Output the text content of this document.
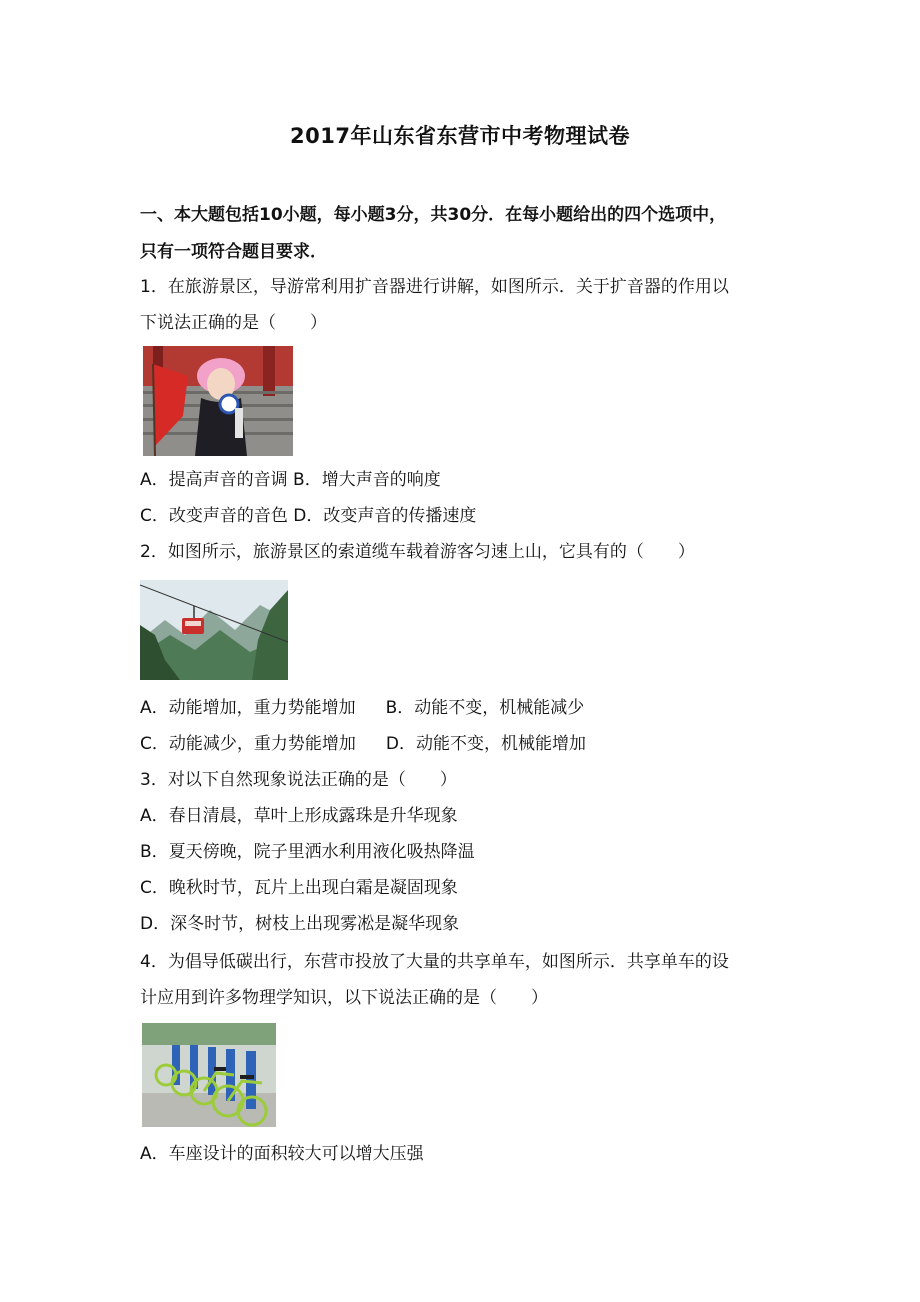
2017年山东省东营市中考物理试卷
一、本大题包括10小题，每小题3分，共30分．在每小题给出的四个选项中，
只有一项符合题目要求．
1．在旅游景区，导游常利用扩音器进行讲解，如图所示．关于扩音器的作用以
下说法正确的是（　　）
A．提高声音的音调 B．增大声音的响度
C．改变声音的音色 D．改变声音的传播速度
2．如图所示，旅游景区的索道缆车载着游客匀速上山，它具有的（　　）
A．动能增加，重力势能增加 B．动能不变，机械能减少
C．动能减少，重力势能增加 D．动能不变，机械能增加
3．对以下自然现象说法正确的是（　　）
A．春日清晨，草叶上形成露珠是升华现象
B．夏天傍晚，院子里洒水利用液化吸热降温
C．晚秋时节，瓦片上出现白霜是凝固现象
D．深冬时节，树枝上出现雾凇是凝华现象
4．为倡导低碳出行，东营市投放了大量的共享单车，如图所示．共享单车的设
计应用到许多物理学知识，以下说法正确的是（　　）
A．车座设计的面积较大可以增大压强
